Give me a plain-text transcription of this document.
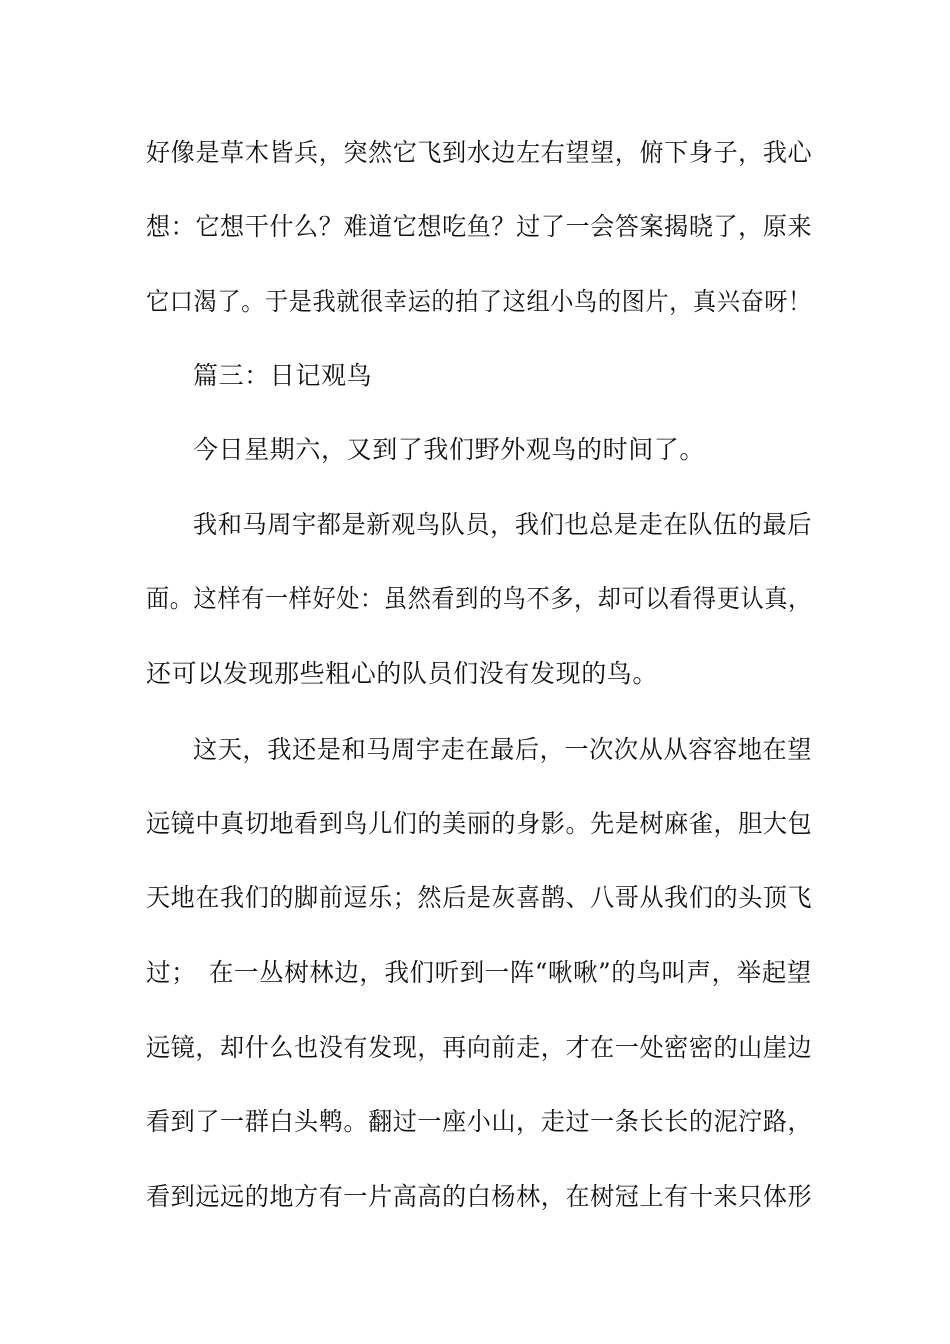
好像是草木皆兵，突然它飞到水边左右望望，俯下身子，我心
想：它想干什么？难道它想吃鱼？过了一会答案揭晓了，原来
它口渴了。于是我就很幸运的拍了这组小鸟的图片，真兴奋呀！
篇三：日记观鸟
今日星期六，又到了我们野外观鸟的时间了。
我和马周宇都是新观鸟队员，我们也总是走在队伍的最后
面。这样有一样好处：虽然看到的鸟不多，却可以看得更认真，
还可以发现那些粗心的队员们没有发现的鸟。
这天，我还是和马周宇走在最后，一次次从从容容地在望
远镜中真切地看到鸟儿们的美丽的身影。先是树麻雀，胆大包
天地在我们的脚前逗乐；然后是灰喜鹊、八哥从我们的头顶飞
过；　在一丛树林边，我们听到一阵“啾啾”的鸟叫声，举起望
远镜，却什么也没有发现，再向前走，才在一处密密的山崖边
看到了一群白头鹎。翻过一座小山，走过一条长长的泥泞路，
看到远远的地方有一片高高的白杨林，在树冠上有十来只体形
